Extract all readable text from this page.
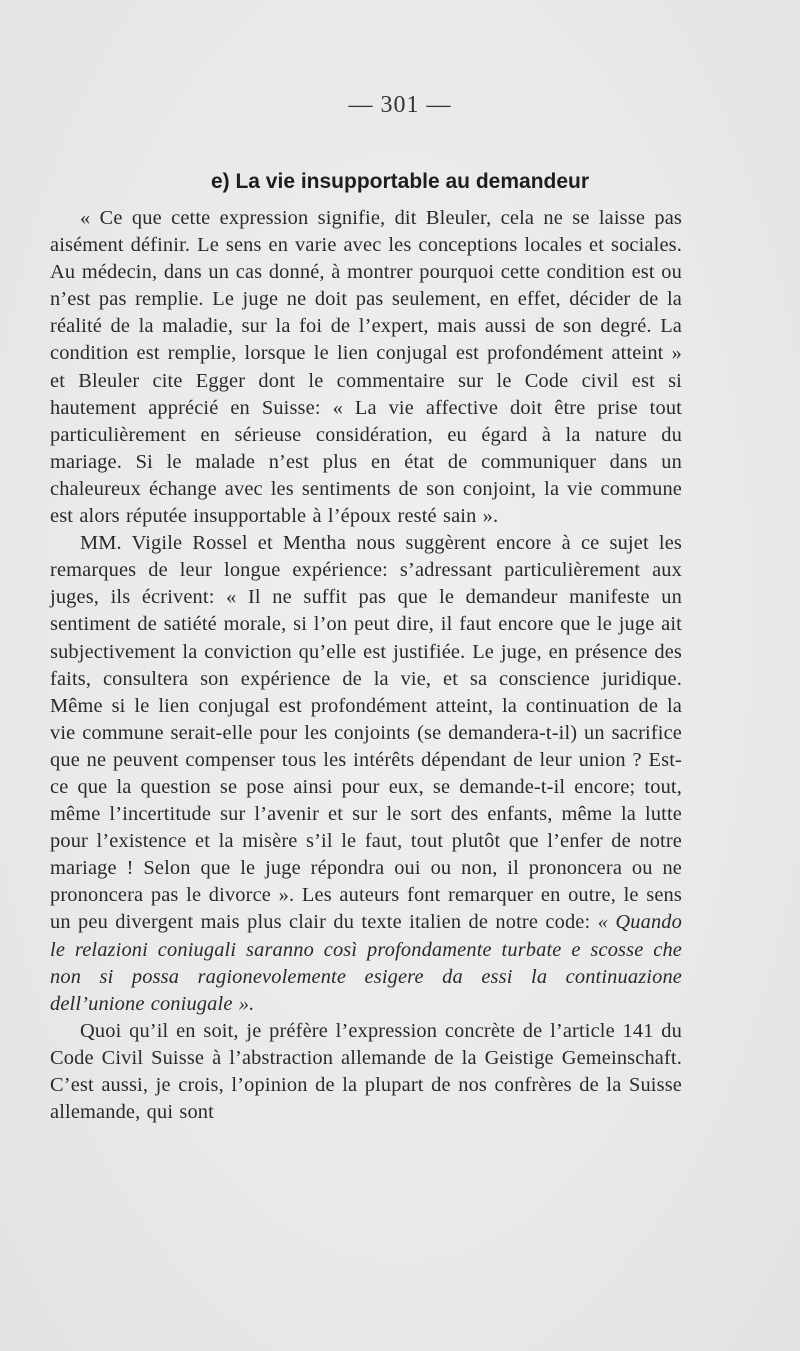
— 301 —
e) La vie insupportable au demandeur

« Ce que cette expression signifie, dit Bleuler, cela ne se laisse pas aisément définir. Le sens en varie avec les conceptions locales et sociales. Au médecin, dans un cas donné, à montrer pourquoi cette condition est ou n’est pas remplie. Le juge ne doit pas seulement, en effet, décider de la réalité de la maladie, sur la foi de l’expert, mais aussi de son degré. La condition est remplie, lorsque le lien conjugal est profondément atteint » et Bleuler cite Egger dont le commentaire sur le Code civil est si hautement apprécié en Suisse: « La vie affective doit être prise tout particulièrement en sérieuse considération, eu égard à la nature du mariage. Si le malade n’est plus en état de communiquer dans un chaleureux échange avec les sentiments de son conjoint, la vie commune est alors réputée insupportable à l’époux resté sain ».

MM. Vigile Rossel et Mentha nous suggèrent encore à ce sujet les remarques de leur longue expérience: s’adressant particulièrement aux juges, ils écrivent: « Il ne suffit pas que le demandeur manifeste un sentiment de satiété morale, si l’on peut dire, il faut encore que le juge ait subjectivement la conviction qu’elle est justifiée. Le juge, en présence des faits, consultera son expérience de la vie, et sa conscience juridique. Même si le lien conjugal est profondément atteint, la continuation de la vie commune serait-elle pour les conjoints (se demandera-t-il) un sacrifice que ne peuvent compenser tous les intérêts dépendant de leur union ? Est-ce que la question se pose ainsi pour eux, se demande-t-il encore; tout, même l’incertitude sur l’avenir et sur le sort des enfants, même la lutte pour l’existence et la misère s’il le faut, tout plutôt que l’enfer de notre mariage ! Selon que le juge répondra oui ou non, il prononcera ou ne prononcera pas le divorce ». Les auteurs font remarquer en outre, le sens un peu divergent mais plus clair du texte italien de notre code: « Quando le relazioni coniugali saranno così profondamente turbate e scosse che non si possa ragionevolemente esigere da essi la continuazione dell’unione coniugale ».

Quoi qu’il en soit, je préfère l’expression concrète de l’article 141 du Code Civil Suisse à l’abstraction allemande de la Geistige Gemeinschaft. C’est aussi, je crois, l’opinion de la plupart de nos confrères de la Suisse allemande, qui sont
